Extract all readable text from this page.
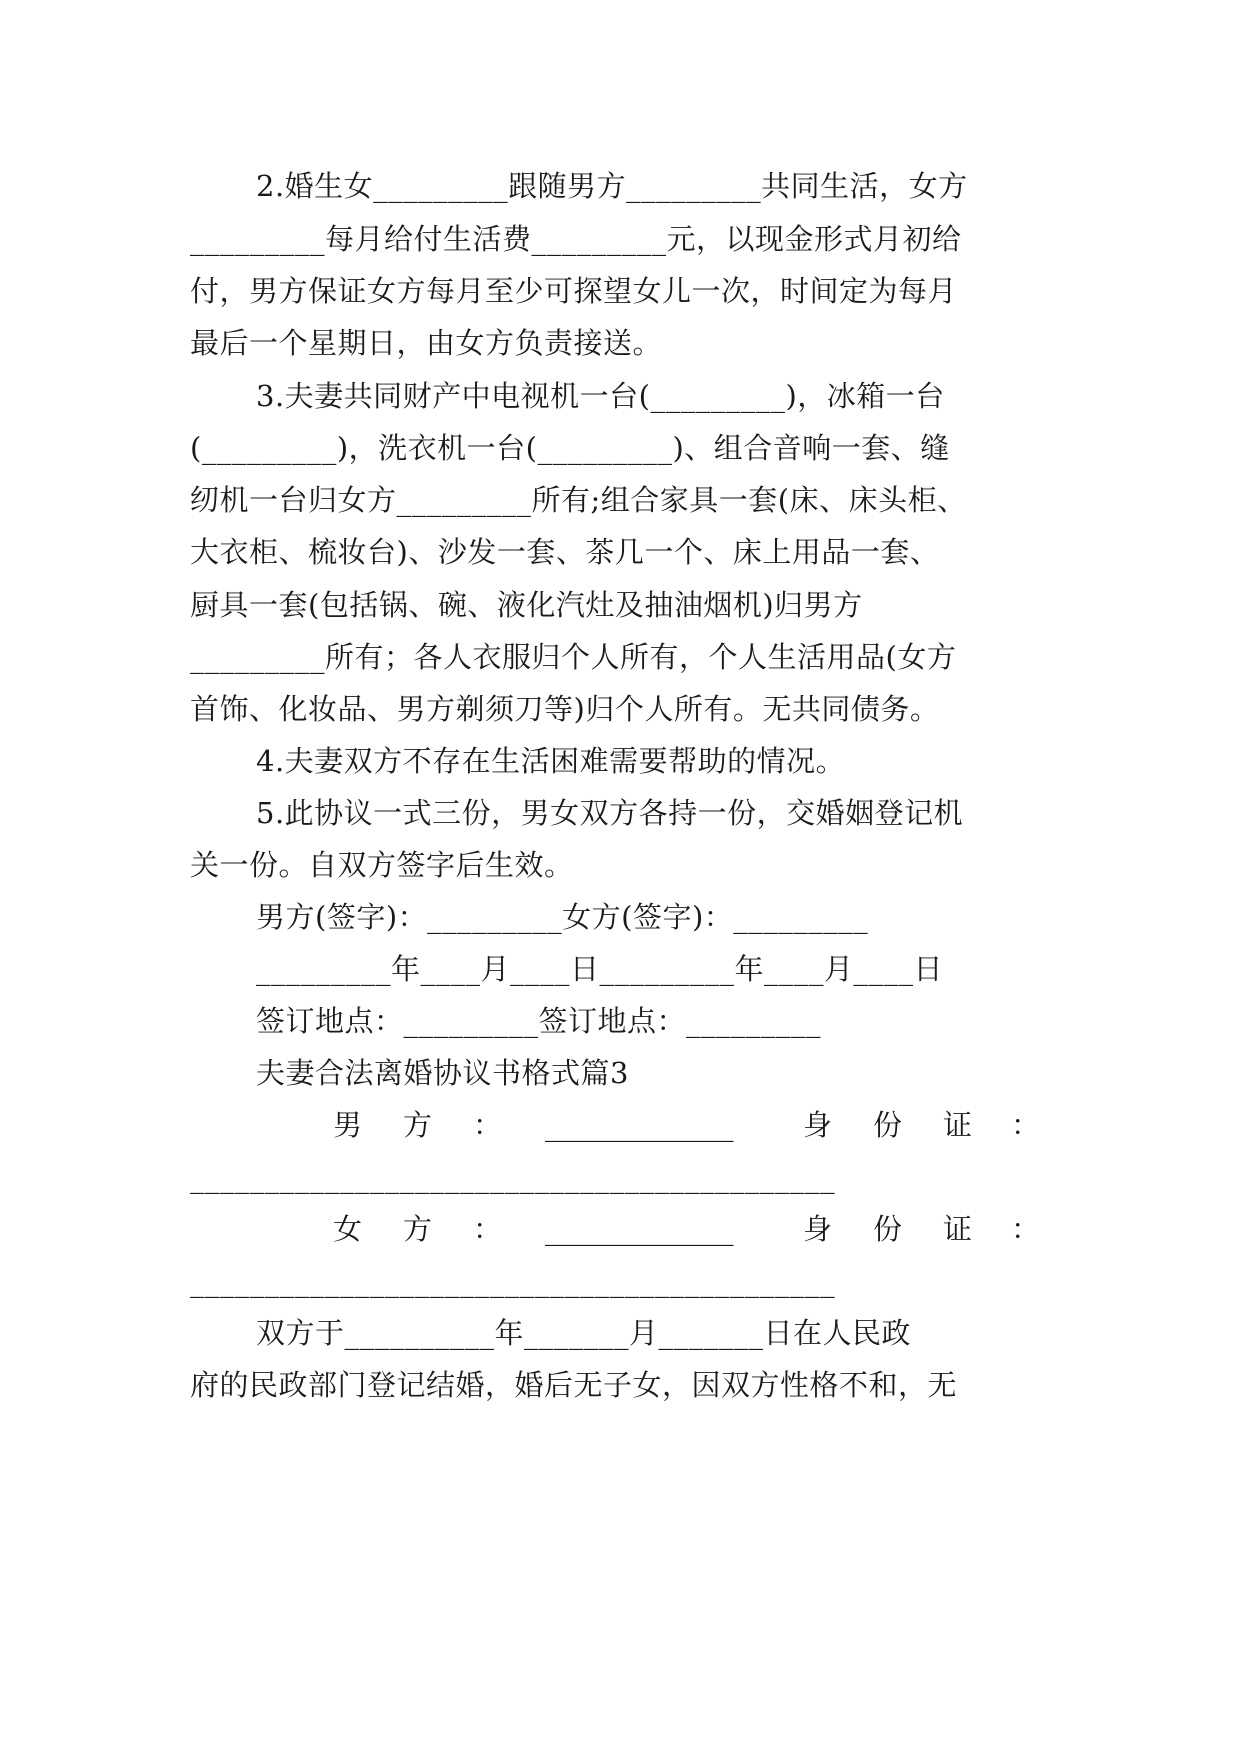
2.婚生女_________跟随男方_________共同生活，女方
_________每月给付生活费_________元，以现金形式月初给
付，男方保证女方每月至少可探望女儿一次，时间定为每月
最后一个星期日，由女方负责接送。
3.夫妻共同财产中电视机一台(_________)，冰箱一台
(_________)，洗衣机一台(_________)、组合音响一套、缝
纫机一台归女方_________所有;组合家具一套(床、床头柜、
大衣柜、梳妆台)、沙发一套、茶几一个、床上用品一套、
厨具一套(包括锅、碗、液化汽灶及抽油烟机)归男方
_________所有；各人衣服归个人所有，个人生活用品(女方
首饰、化妆品、男方剃须刀等)归个人所有。无共同债务。
4.夫妻双方不存在生活困难需要帮助的情况。
5.此协议一式三份，男女双方各持一份，交婚姻登记机
关一份。自双方签字后生效。
男方(签字)：_________女方(签字)：_________
_________年____月____日_________年____月____日
签订地点：_________签订地点：_________
夫妻合法离婚协议书格式篇3
男 方 ： _____________ 身 份 证 ：
___________________________________________
女 方 ： _____________ 身 份 证 ：
___________________________________________
双方于__________年_______月_______日在人民政
府的民政部门登记结婚，婚后无子女，因双方性格不和，无
